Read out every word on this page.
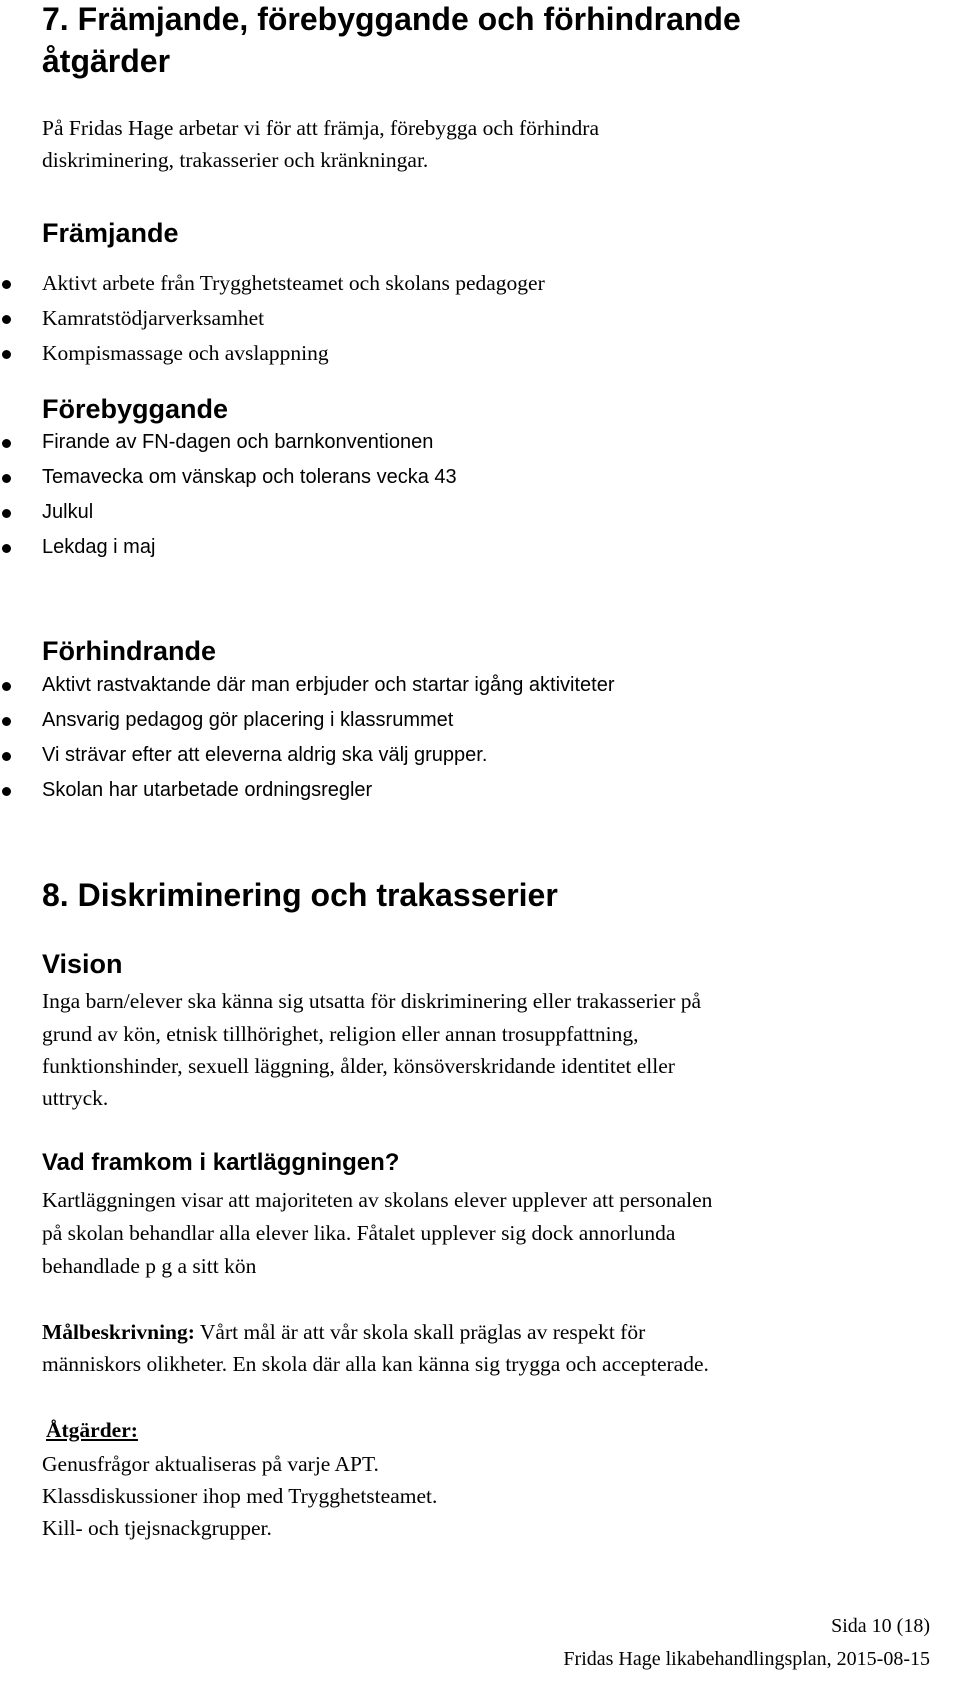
7. Främjande, förebyggande och förhindrande
åtgärder
På Fridas Hage arbetar vi för att främja, förebygga och förhindra
diskriminering, trakasserier och kränkningar.
Främjande
Aktivt arbete från Trygghetsteamet och skolans pedagoger
Kamratstödjarverksamhet
Kompismassage och avslappning
Förebyggande
Firande av FN-dagen och barnkonventionen
Temavecka om vänskap och tolerans vecka 43
Julkul
Lekdag i maj
Förhindrande
Aktivt rastvaktande där man erbjuder och startar igång aktiviteter
Ansvarig pedagog gör placering i klassrummet
Vi strävar efter att eleverna aldrig ska välj grupper.
Skolan har utarbetade ordningsregler
8. Diskriminering och trakasserier
Vision
Inga barn/elever ska känna sig utsatta för diskriminering eller trakasserier på
grund av kön, etnisk tillhörighet, religion eller annan trosuppfattning,
funktionshinder, sexuell läggning, ålder, könsöverskridande identitet eller
uttryck.
Vad framkom i kartläggningen?
Kartläggningen visar att majoriteten av skolans elever upplever att personalen
på skolan behandlar alla elever lika. Fåtalet upplever sig dock annorlunda
behandlade p g a sitt kön
Målbeskrivning: Vårt mål är att vår skola skall präglas av respekt för
människors olikheter. En skola där alla kan känna sig trygga och accepterade.
Åtgärder:
Genusfrågor aktualiseras på varje APT.
Klassdiskussioner ihop med Trygghetsteamet.
Kill- och tjejsnackgrupper.
Sida 10 (18)
Fridas Hage likabehandlingsplan, 2015-08-15
